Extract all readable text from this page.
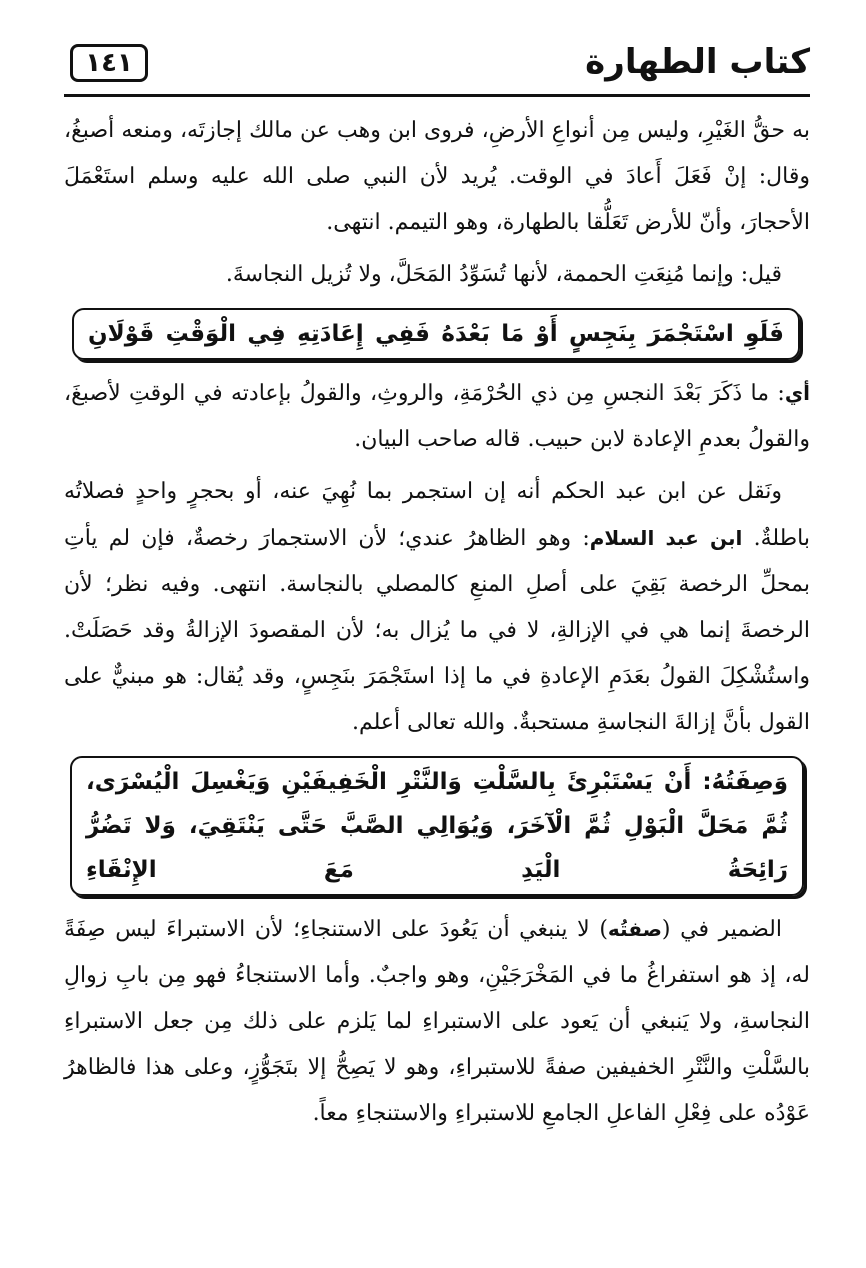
كتاب الطهارة
١٤١

به حقُّ الغَيْرِ، وليس مِن أنواعِ الأرضِ، فروى ابن وهب عن مالك إجازتَه، ومنعه أصبغُ، وقال: إنْ فَعَلَ أَعادَ في الوقت. يُريد لأن النبي صلى الله عليه وسلم استَعْمَلَ الأحجارَ، وأنّ للأرض تَعَلُّقا بالطهارة، وهو التيمم. انتهى.

قيل: وإنما مُنِعَتِ الحممة، لأنها تُسَوِّدُ المَحَلَّ، ولا تُزيل النجاسةَ.

فَلَوِ اسْتَجْمَرَ بِنَجِسٍ أَوْ مَا بَعْدَهُ فَفِي إِعَادَتِهِ فِي الْوَقْتِ قَوْلَانِ

أي: ما ذَكَرَ بَعْدَ النجسِ مِن ذي الحُرْمَةِ، والروثِ، والقولُ بإعادته في الوقتِ لأصبغَ، والقولُ بعدمِ الإعادة لابن حبيب. قاله صاحب البيان.

ونَقل عن ابن عبد الحكم أنه إن استجمر بما نُهِيَ عنه، أو بحجرٍ واحدٍ فصلاتُه باطلةٌ. ابن عبد السلام: وهو الظاهرُ عندي؛ لأن الاستجمارَ رخصةٌ، فإن لم يأتِ بمحلِّ الرخصة بَقِيَ على أصلِ المنعِ كالمصلي بالنجاسة. انتهى. وفيه نظر؛ لأن الرخصةَ إنما هي في الإزالةِ، لا في ما يُزال به؛ لأن المقصودَ الإزالةُ وقد حَصَلَتْ. واستُشْكِلَ القولُ بعَدَمِ الإعادةِ في ما إذا استَجْمَرَ بنَجِسٍ، وقد يُقال: هو مبنيٌّ على القول بأنَّ إزالةَ النجاسةِ مستحبةٌ. والله تعالى أعلم.

وَصِفَتُهُ: أَنْ يَسْتَبْرِئَ بِالسَّلْتِ وَالنَّتْرِ الْخَفِيفَيْنِ وَيَغْسِلَ الْيُسْرَى، ثُمَّ مَحَلَّ الْبَوْلِ ثُمَّ الْآخَرَ، وَيُوَالِي الصَّبَّ حَتَّى يَنْتَقِيَ، وَلا تَضُرُّ رَائِحَةُ الْيَدِ مَعَ الإِنْقَاءِ

الضمير في (صفتُه) لا ينبغي أن يَعُودَ على الاستنجاءِ؛ لأن الاستبراءَ ليس صِفَةً له، إذ هو استفراغُ ما في المَخْرَجَيْنِ، وهو واجبٌ. وأما الاستنجاءُ فهو مِن بابِ زوالِ النجاسةِ، ولا يَنبغي أن يَعود على الاستبراءِ لما يَلزم على ذلك مِن جعل الاستبراءِ بالسَّلْتِ والنَّتْرِ الخفيفين صفةً للاستبراءِ، وهو لا يَصِحُّ إلا بتَجَوُّزٍ، وعلى هذا فالظاهرُ عَوْدُه على فِعْلِ الفاعلِ الجامعِ للاستبراءِ والاستنجاءِ معاً.
